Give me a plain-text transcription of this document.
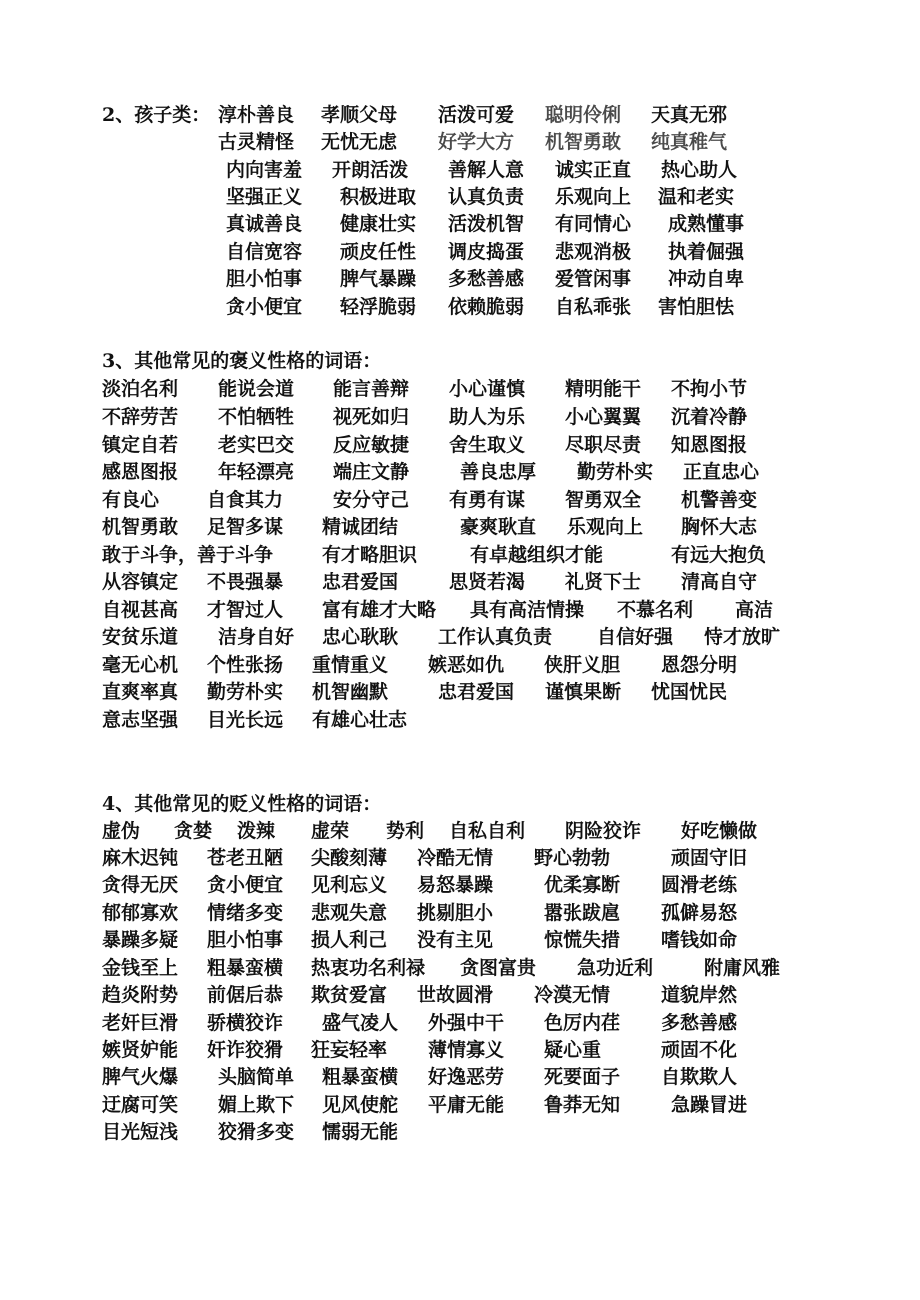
2、孩子类： 淳朴善良 孝顺父母 活泼可爱 聪明伶俐 天真无邪
古灵精怪 无忧无虑 好学大方 机智勇敢 纯真稚气
内向害羞 开朗活泼 善解人意 诚实正直 热心助人
坚强正义 积极进取 认真负责 乐观向上 温和老实
真诚善良 健康壮实 活泼机智 有同情心 成熟懂事
自信宽容 顽皮任性 调皮捣蛋 悲观消极 执着倔强
胆小怕事 脾气暴躁 多愁善感 爱管闲事 冲动自卑
贪小便宜 轻浮脆弱 依赖脆弱 自私乖张 害怕胆怯
3、其他常见的褒义性格的词语：
淡泊名利 能说会道 能言善辩 小心谨慎 精明能干 不拘小节
不辞劳苦 不怕牺牲 视死如归 助人为乐 小心翼翼 沉着冷静
镇定自若 老实巴交 反应敏捷 舍生取义 尽职尽责 知恩图报
感恩图报 年轻漂亮 端庄文静	善良忠厚 勤劳朴实 正直忠心
有良心	自食其力	安分守己 有勇有谋 智勇双全 机警善变
机智勇敢 足智多谋 精诚团结	豪爽耿直 乐观向上 胸怀大志
敢于斗争，善于斗争	有才略胆识	有卓越组织才能	有远大抱负
从容镇定 不畏强暴 忠君爱国	思贤若渴 礼贤下士 清高自守
自视甚高 才智过人 富有雄才大略 具有高洁情操 不慕名利 高洁
安贫乐道 洁身自好 忠心耿耿 工作认真负责 自信好强 恃才放旷
毫无心机 个性张扬 重情重义 嫉恶如仇 侠肝义胆 恩怨分明
直爽率真 勤劳朴实 机智幽默	忠君爱国 谨慎果断 忧国忧民
意志坚强 目光长远 有雄心壮志
4、其他常见的贬义性格的词语：
虚伪 贪婪 泼辣 虚荣 势利 自私自利 阴险狡诈 好吃懒做
麻木迟钝 苍老丑陋 尖酸刻薄 冷酷无情 野心勃勃	顽固守旧
贪得无厌 贪小便宜 见利忘义 易怒暴躁	优柔寡断 圆滑老练
郁郁寡欢 情绪多变 悲观失意 挑剔胆小	嚣张跋扈 孤僻易怒
暴躁多疑 胆小怕事 损人利己 没有主见	惊慌失措 嗜钱如命
金钱至上 粗暴蛮横 热衷功名利禄 贪图富贵 急功近利	附庸风雅
趋炎附势 前倨后恭 欺贫爱富 世故圆滑 冷漠无情	道貌岸然
老奸巨滑 骄横狡诈 盛气凌人 外强中干 色厉内荏 多愁善感
嫉贤妒能 奸诈狡猾 狂妄轻率 薄情寡义 疑心重	顽固不化
脾气火爆 头脑简单 粗暴蛮横 好逸恶劳 死要面子 自欺欺人
迂腐可笑 媚上欺下 见风使舵 平庸无能 鲁莽无知	急躁冒进
目光短浅 狡猾多变 懦弱无能
